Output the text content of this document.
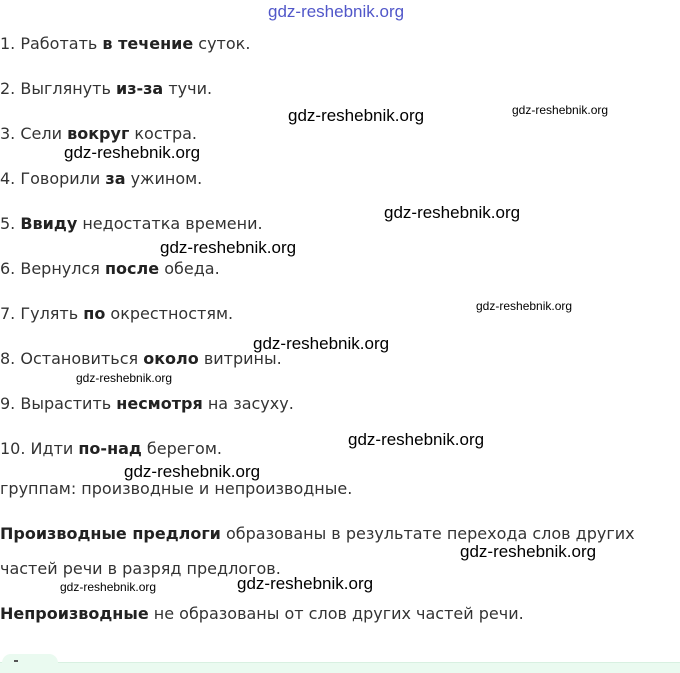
gdz-reshebnik.org

1. Работать в течение суток.

2. Выглянуть из-за тучи.

3. Сели вокруг костра.

4. Говорили за ужином.

5. Ввиду недостатка времени.

6. Вернулся после обеда.

7. Гулять по окрестностям.

8. Остановиться около витрины.

9. Вырастить несмотря на засуху.

10. Идти по-над берегом.

группам: производные и непроизводные.

Производные предлоги образованы в результате перехода слов других

частей речи в разряд предлогов.

Непроизводные не образованы от слов других частей речи.

gdz-reshebnik.org	gdz-reshebnik.org
gdz-reshebnik.org
gdz-reshebnik.org
gdz-reshebnik.org
gdz-reshebnik.org
gdz-reshebnik.org
gdz-reshebnik.org
gdz-reshebnik.org
gdz-reshebnik.org
gdz-reshebnik.org
gdz-reshebnik.org	gdz-reshebnik.org
